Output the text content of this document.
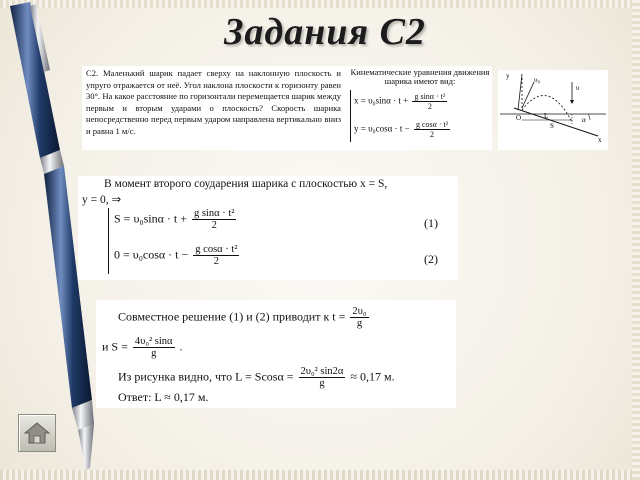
Задания С2
С2. Маленький шарик падает сверху на наклонную плоскость и упруго отражается от неё. Угол наклона плоскости к горизонту равен 30°. На какое расстояние по горизонтали перемещается шарик между первым и вторым ударами о плоскость? Скорость шарика непосредственно перед первым ударом направлена вертикально вниз и равна 1 м/с.
Кинематические уравнения движения шарика имеют вид:
$x = \upsilon_0\sin\alpha \cdot t + \frac{\text{g sinα · t²}}{2}$
$y = \upsilon_0\cos\alpha \cdot t - \frac{\text{g cosα · t²}}{2}$
y	υ₀
υ
α
x
S
L
O
В момент второго соударения шарика с плоскостью x = S,
y = 0, ⇒
$S = \upsilon_0\sin\alpha \cdot t + \frac{\text{g sinα · t²}}{2}$	(1)
$0 = \upsilon_0\cos\alpha \cdot t - \frac{\text{g cosα · t²}}{2}$	(2)
Совместное решение (1) и (2) приводит к $t = \frac{\text{2υ₀}}{g}$
и $S = \frac{\text{4υ₀² sinα}}{g}$ .
Из рисунка видно, что $L = Scos\alpha = \frac{\text{2υ₀² sin2α}}{g} \approx 0,17$ м.
Ответ: L ≈ 0,17 м.
